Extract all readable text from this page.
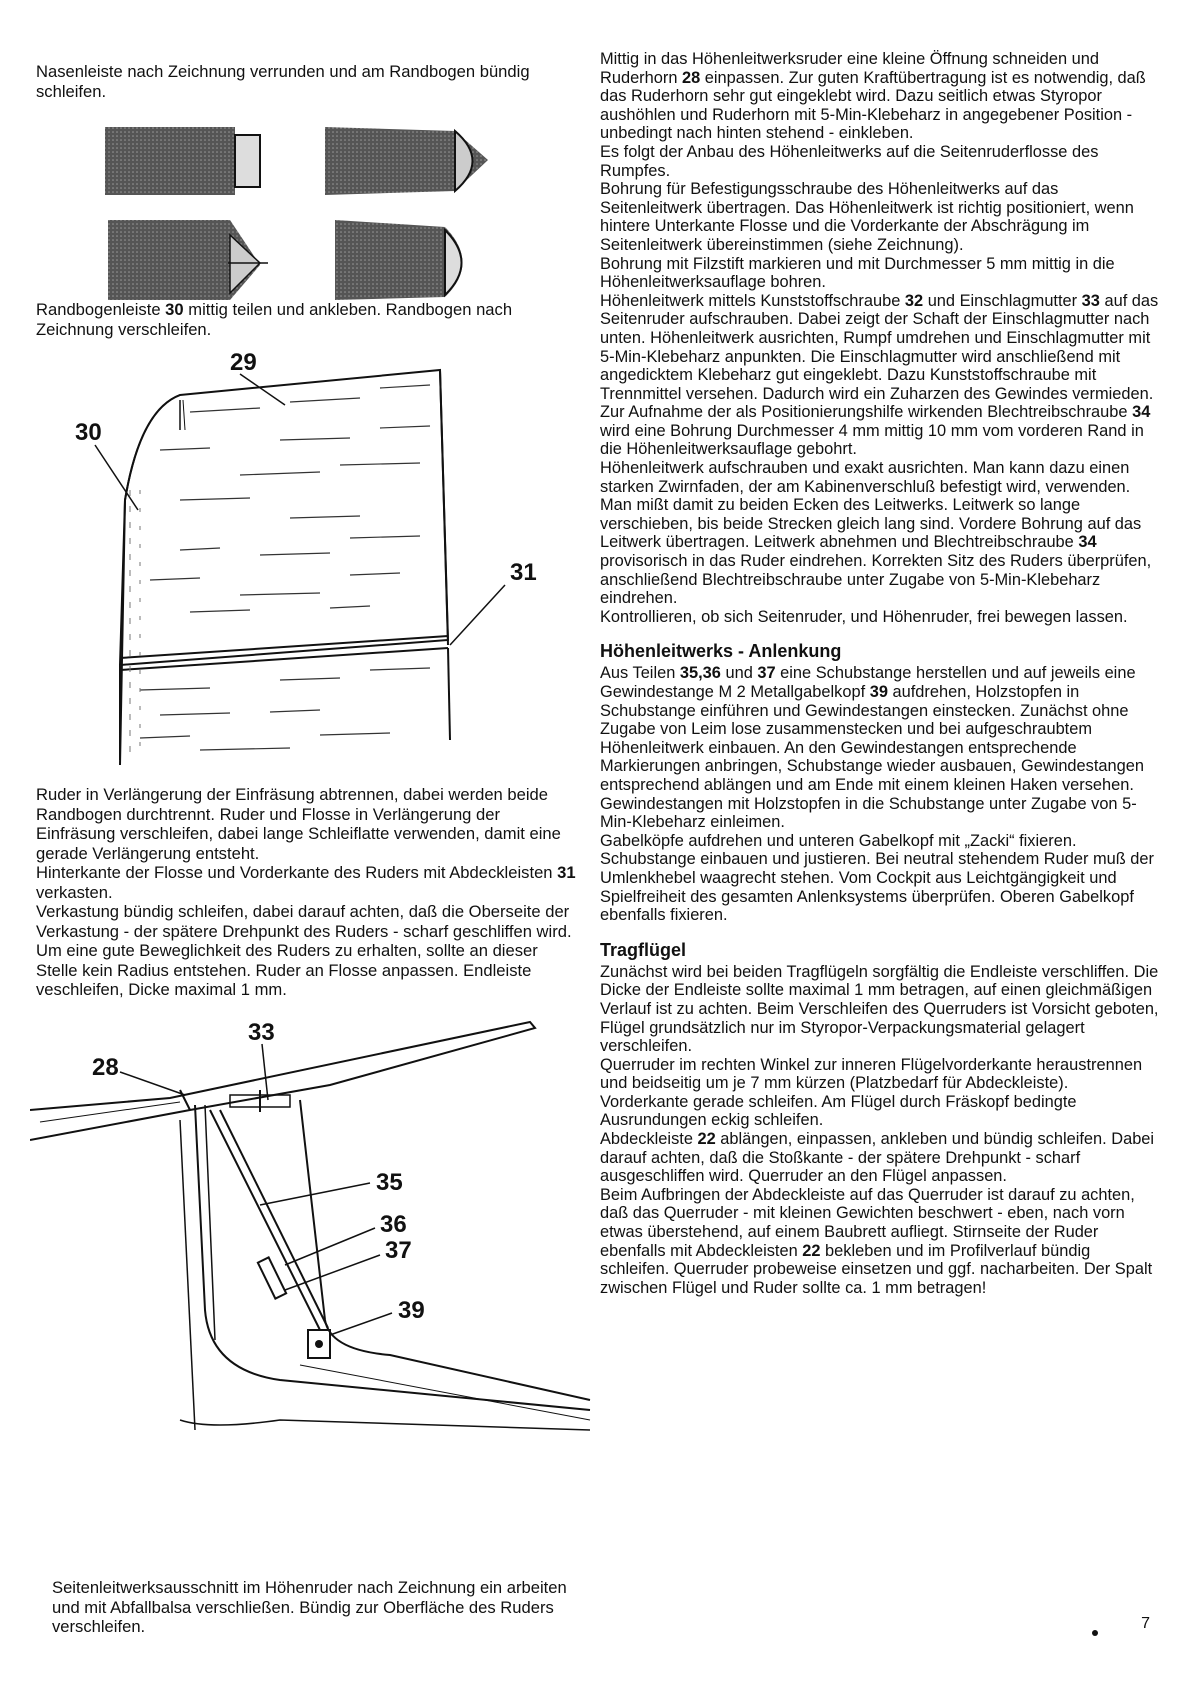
Nasenleiste nach Zeichnung verrunden und am Randbogen bündig schleifen.

Randbogenleiste 30 mittig teilen und ankleben. Randbogen nach Zeichnung verschleifen.

29
30
31

Ruder in Verlängerung der Einfräsung abtrennen, dabei werden beide Randbogen durchtrennt. Ruder und Flosse in Verlängerung der Einfräsung verschleifen, dabei lange Schleiflatte verwenden, damit eine gerade Verlängerung entsteht.

Hinterkante der Flosse und Vorderkante des Ruders mit Abdeckleisten 31 verkasten.

Verkastung bündig schleifen, dabei darauf achten, daß die Oberseite der Verkastung - der spätere Drehpunkt des Ruders - scharf geschliffen wird. Um eine gute Beweglichkeit des Ruders zu erhalten, sollte an dieser Stelle kein Radius entstehen. Ruder an Flosse anpassen. Endleiste veschleifen, Dicke maximal 1 mm.

33
28
35
36
37
39

Seitenleitwerksausschnitt im Höhenruder nach Zeichnung ein arbeiten und mit Abfallbalsa verschließen. Bündig zur Oberfläche des Ruders verschleifen.

Mittig in das Höhenleitwerksruder eine kleine Öffnung schneiden und Ruderhorn 28 einpassen. Zur guten Kraftübertragung ist es notwendig, daß das Ruderhorn sehr gut eingeklebt wird. Dazu seitlich etwas Styropor aushöhlen und Ruderhorn mit 5-Min-Klebeharz in angegebener Position - unbedingt nach hinten stehend - einkleben.

Es folgt der Anbau des Höhenleitwerks auf die Seitenruderflosse des Rumpfes.

Bohrung für Befestigungsschraube des Höhenleitwerks auf das Seitenleitwerk übertragen. Das Höhenleitwerk ist richtig positioniert, wenn hintere Unterkante Flosse und die Vorderkante der Abschrägung im Seitenleitwerk übereinstimmen (siehe Zeichnung).

Bohrung mit Filzstift markieren und mit Durchmesser 5 mm mittig in die Höhenleitwerksauflage bohren.

Höhenleitwerk mittels Kunststoffschraube 32 und Einschlagmutter 33 auf das Seitenruder aufschrauben. Dabei zeigt der Schaft der Einschlagmutter nach unten. Höhenleitwerk ausrichten, Rumpf umdrehen und Einschlagmutter mit 5-Min-Klebeharz anpunkten. Die Einschlagmutter wird anschließend mit angedicktem Klebeharz gut eingeklebt. Dazu Kunststoffschraube mit Trennmittel versehen. Dadurch wird ein Zuharzen des Gewindes vermieden.

Zur Aufnahme der als Positionierungshilfe wirkenden Blechtreibschraube 34 wird eine Bohrung Durchmesser 4 mm mittig 10 mm vom vorderen Rand in die Höhenleitwerksauflage gebohrt.

Höhenleitwerk aufschrauben und exakt ausrichten. Man kann dazu einen starken Zwirnfaden, der am Kabinenverschluß befestigt wird, verwenden. Man mißt damit zu beiden Ecken des Leitwerks. Leitwerk so lange verschieben, bis beide Strecken gleich lang sind. Vordere Bohrung auf das Leitwerk übertragen. Leitwerk abnehmen und Blechtreibschraube 34 provisorisch in das Ruder eindrehen. Korrekten Sitz des Ruders überprüfen, anschließend Blechtreibschraube unter Zugabe von 5-Min-Klebeharz eindrehen.

Kontrollieren, ob sich Seitenruder, und Höhenruder, frei bewegen lassen.

Höhenleitwerks - Anlenkung

Aus Teilen 35,36 und 37 eine Schubstange herstellen und auf jeweils eine Gewindestange M 2 Metallgabelkopf 39 aufdrehen, Holzstopfen in Schubstange einführen und Gewindestangen einstecken. Zunächst ohne Zugabe von Leim lose zusammenstecken und bei aufgeschraubtem Höhenleitwerk einbauen. An den Gewindestangen entsprechende Markierungen anbringen, Schubstange wieder ausbauen, Gewindestangen entsprechend ablängen und am Ende mit einem kleinen Haken versehen. Gewindestangen mit Holzstopfen in die Schubstange unter Zugabe von 5-Min-Klebeharz einleimen.

Gabelköpfe aufdrehen und unteren Gabelkopf mit „Zacki“ fixieren. Schubstange einbauen und justieren. Bei neutral stehendem Ruder muß der Umlenkhebel waagrecht stehen. Vom Cockpit aus Leichtgängigkeit und Spielfreiheit des gesamten Anlenksystems überprüfen. Oberen Gabelkopf ebenfalls fixieren.

Tragflügel

Zunächst wird bei beiden Tragflügeln sorgfältig die Endleiste verschliffen. Die Dicke der Endleiste sollte maximal 1 mm betragen, auf einen gleichmäßigen Verlauf ist zu achten. Beim Verschleifen des Querruders ist Vorsicht geboten, Flügel grundsätzlich nur im Styropor-Verpackungsmaterial gelagert verschleifen.

Querruder im rechten Winkel zur inneren Flügelvorderkante heraustrennen und beidseitig um je 7 mm kürzen (Platzbedarf für Abdeckleiste). Vorderkante gerade schleifen. Am Flügel durch Fräskopf bedingte Ausrundungen eckig schleifen.

Abdeckleiste 22 ablängen, einpassen, ankleben und bündig schleifen. Dabei darauf achten, daß die Stoßkante - der spätere Drehpunkt - scharf ausgeschliffen wird. Querruder an den Flügel anpassen.

Beim Aufbringen der Abdeckleiste auf das Querruder ist darauf zu achten, daß das Querruder - mit kleinen Gewichten beschwert - eben, nach vorn etwas überstehend, auf einem Baubrett aufliegt. Stirnseite der Ruder ebenfalls mit Abdeckleisten 22 bekleben und im Profilverlauf bündig schleifen. Querruder probeweise einsetzen und ggf. nacharbeiten. Der Spalt zwischen Flügel und Ruder sollte ca. 1 mm betragen!

7
